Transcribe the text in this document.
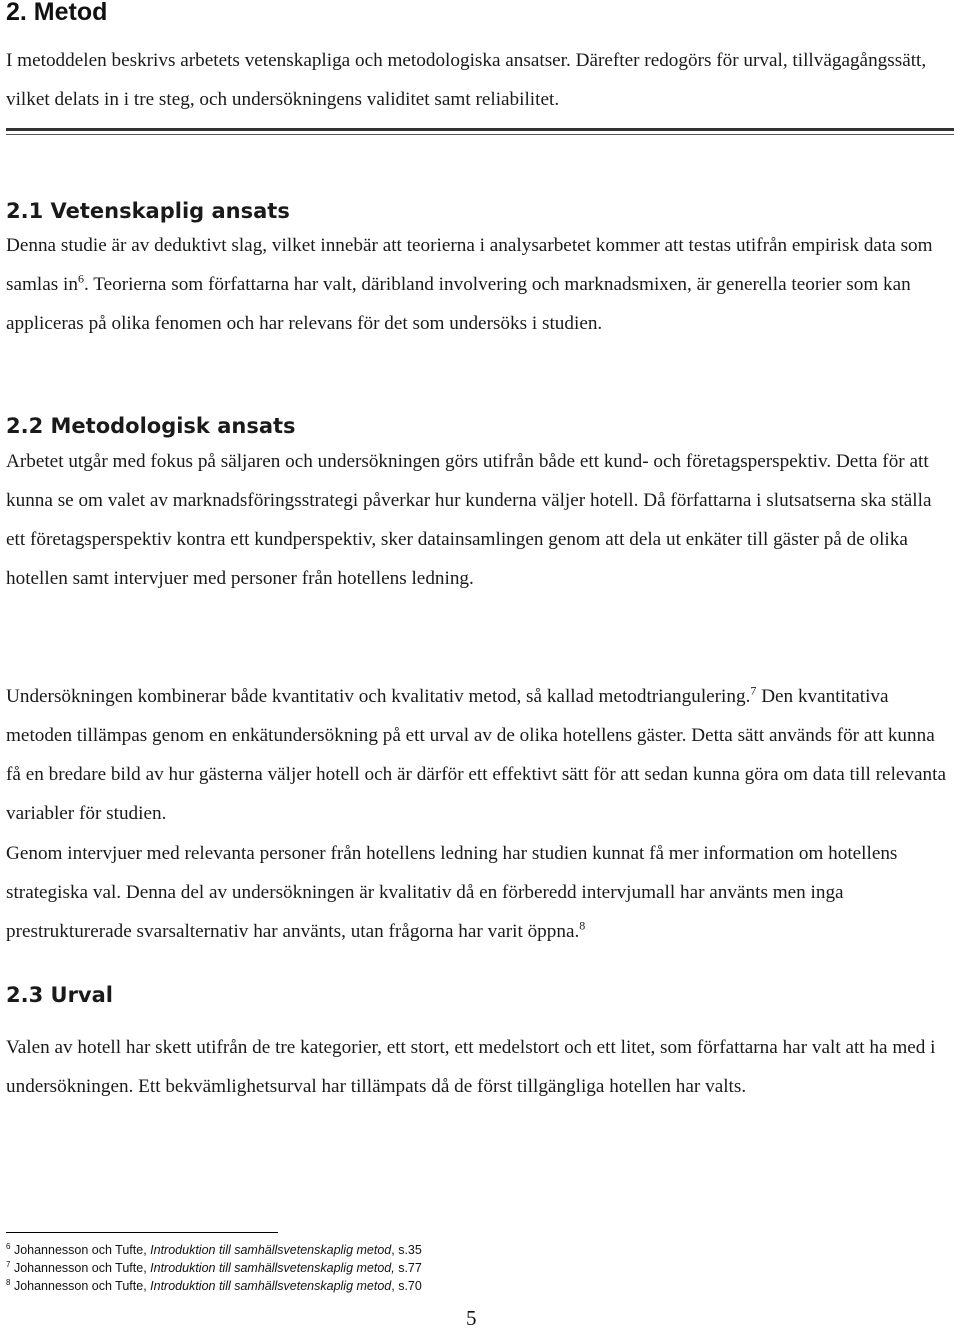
2. Metod

I metoddelen beskrivs arbetets vetenskapliga och metodologiska ansatser. Därefter redogörs för urval, tillvägagångssätt, vilket delats in i tre steg, och undersökningens validitet samt reliabilitet.

2.1 Vetenskaplig ansats

Denna studie är av deduktivt slag, vilket innebär att teorierna i analysarbetet kommer att testas utifrån empirisk data som samlas $in^6$. Teorierna som författarna har valt, däribland involvering och marknadsmixen, är generella teorier som kan appliceras på olika fenomen och har relevans för det som undersöks i studien.

2.2 Metodologisk ansats

Arbetet utgår med fokus på säljaren och undersökningen görs utifrån både ett kund- och företagsperspektiv. Detta för att kunna se om valet av marknadsföringsstrategi påverkar hur kunderna väljer hotell. Då författarna i slutsatserna ska ställa ett företagsperspektiv kontra ett kundperspektiv, sker datainsamlingen genom att dela ut enkäter till gäster på de olika hotellen samt intervjuer med personer från hotellens ledning.

Undersökningen kombinerar både kvantitativ och kvalitativ metod, så kallad metodtriangulering.$^7$ Den kvantitativa metoden tillämpas genom en enkätundersökning på ett urval av de olika hotellens gäster. Detta sätt används för att kunna få en bredare bild av hur gästerna väljer hotell och är därför ett effektivt sätt för att sedan kunna göra om data till relevanta variabler för studien.

Genom intervjuer med relevanta personer från hotellens ledning har studien kunnat få mer information om hotellens strategiska val. Denna del av undersökningen är kvalitativ då en förberedd intervjumall har använts men inga prestrukturerade svarsalternativ har använts, utan frågorna har varit öppna.$^8$

2.3 Urval

Valen av hotell har skett utifrån de tre kategorier, ett stort, ett medelstort och ett litet, som författarna har valt att ha med i undersökningen. Ett bekvämlighetsurval har tillämpats då de först tillgängliga hotellen har valts.

$^6$ Johannesson och Tufte, Introduktion till samhällsvetenskaplig metod, s.35
$^7$ Johannesson och Tufte, Introduktion till samhällsvetenskaplig metod, s.77
$^8$ Johannesson och Tufte, Introduktion till samhällsvetenskaplig metod, s.70
5
